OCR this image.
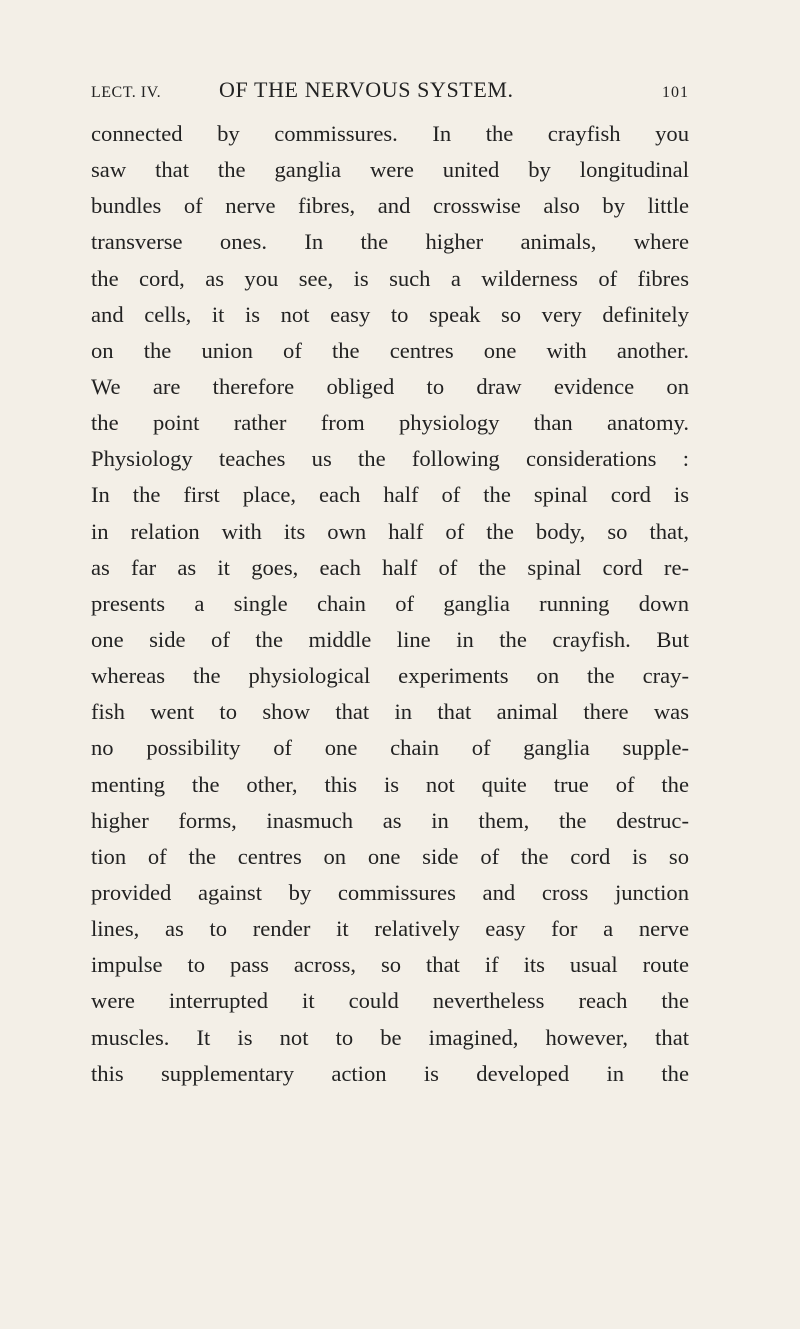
LECT. IV.	OF THE NERVOUS SYSTEM.	101
connected by commissures. In the crayfish you
saw that the ganglia were united by longitudinal
bundles of nerve fibres, and crosswise also by little
transverse ones. In the higher animals, where
the cord, as you see, is such a wilderness of fibres
and cells, it is not easy to speak so very definitely
on the union of the centres one with another.
We are therefore obliged to draw evidence on
the point rather from physiology than anatomy.
Physiology teaches us the following considerations :
In the first place, each half of the spinal cord is
in relation with its own half of the body, so that,
as far as it goes, each half of the spinal cord re-
presents a single chain of ganglia running down
one side of the middle line in the crayfish. But
whereas the physiological experiments on the cray-
fish went to show that in that animal there was
no possibility of one chain of ganglia supple-
menting the other, this is not quite true of the
higher forms, inasmuch as in them, the destruc-
tion of the centres on one side of the cord is so
provided against by commissures and cross junction
lines, as to render it relatively easy for a nerve
impulse to pass across, so that if its usual route
were interrupted it could nevertheless reach the
muscles. It is not to be imagined, however, that
this supplementary action is developed in the
